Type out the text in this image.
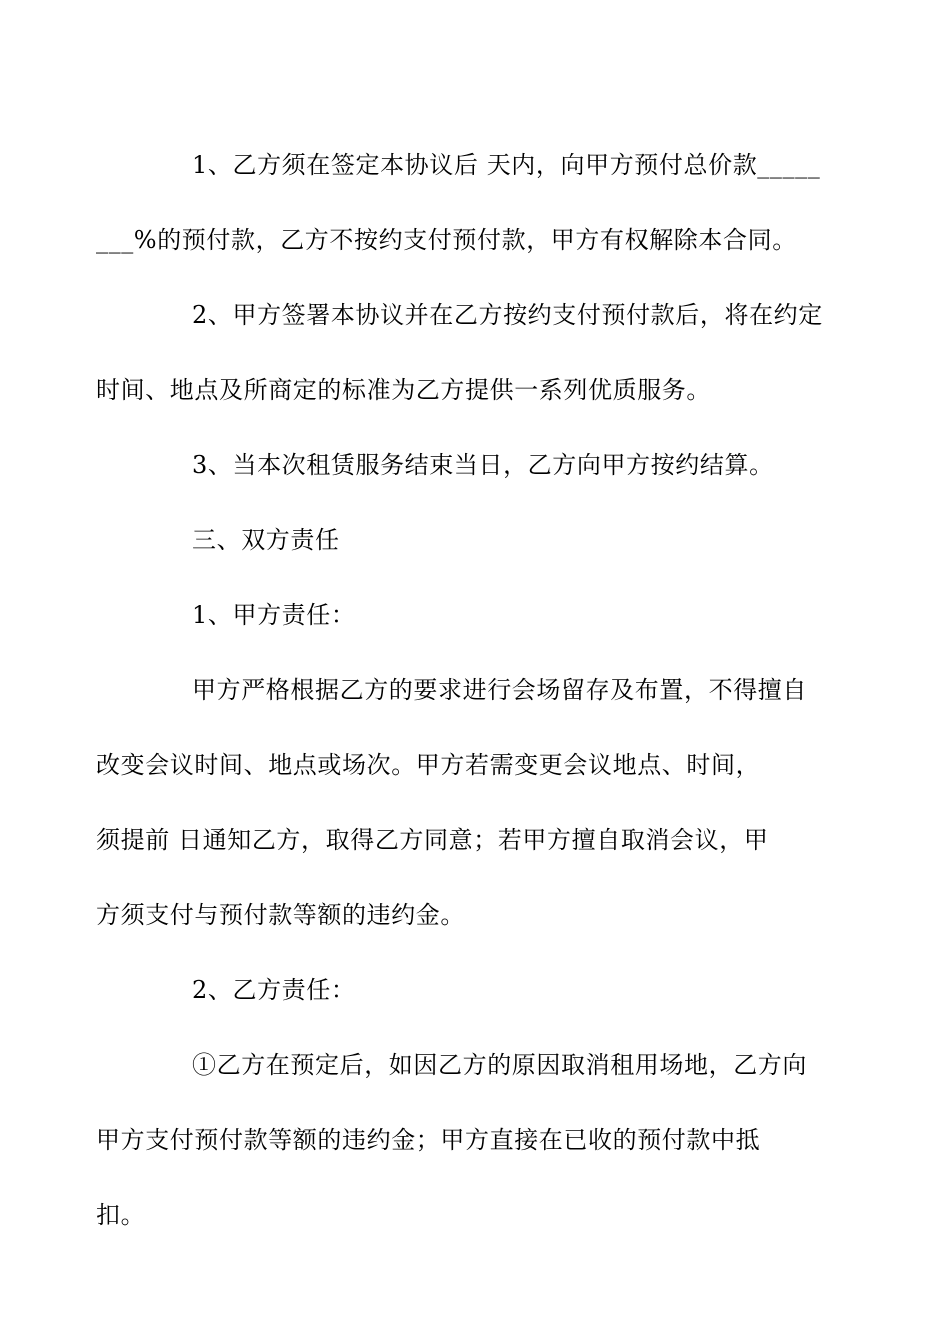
1、乙方须在签定本协议后 天内，向甲方预付总价款_____
___%的预付款，乙方不按约支付预付款，甲方有权解除本合同。

2、甲方签署本协议并在乙方按约支付预付款后，将在约定
时间、地点及所商定的标准为乙方提供一系列优质服务。

3、当本次租赁服务结束当日，乙方向甲方按约结算。

三、双方责任

1、甲方责任：

甲方严格根据乙方的要求进行会场留存及布置，不得擅自
改变会议时间、地点或场次。甲方若需变更会议地点、时间，
须提前 日通知乙方，取得乙方同意；若甲方擅自取消会议，甲
方须支付与预付款等额的违约金。

2、乙方责任：

①乙方在预定后，如因乙方的原因取消租用场地，乙方向
甲方支付预付款等额的违约金；甲方直接在已收的预付款中抵
扣。
